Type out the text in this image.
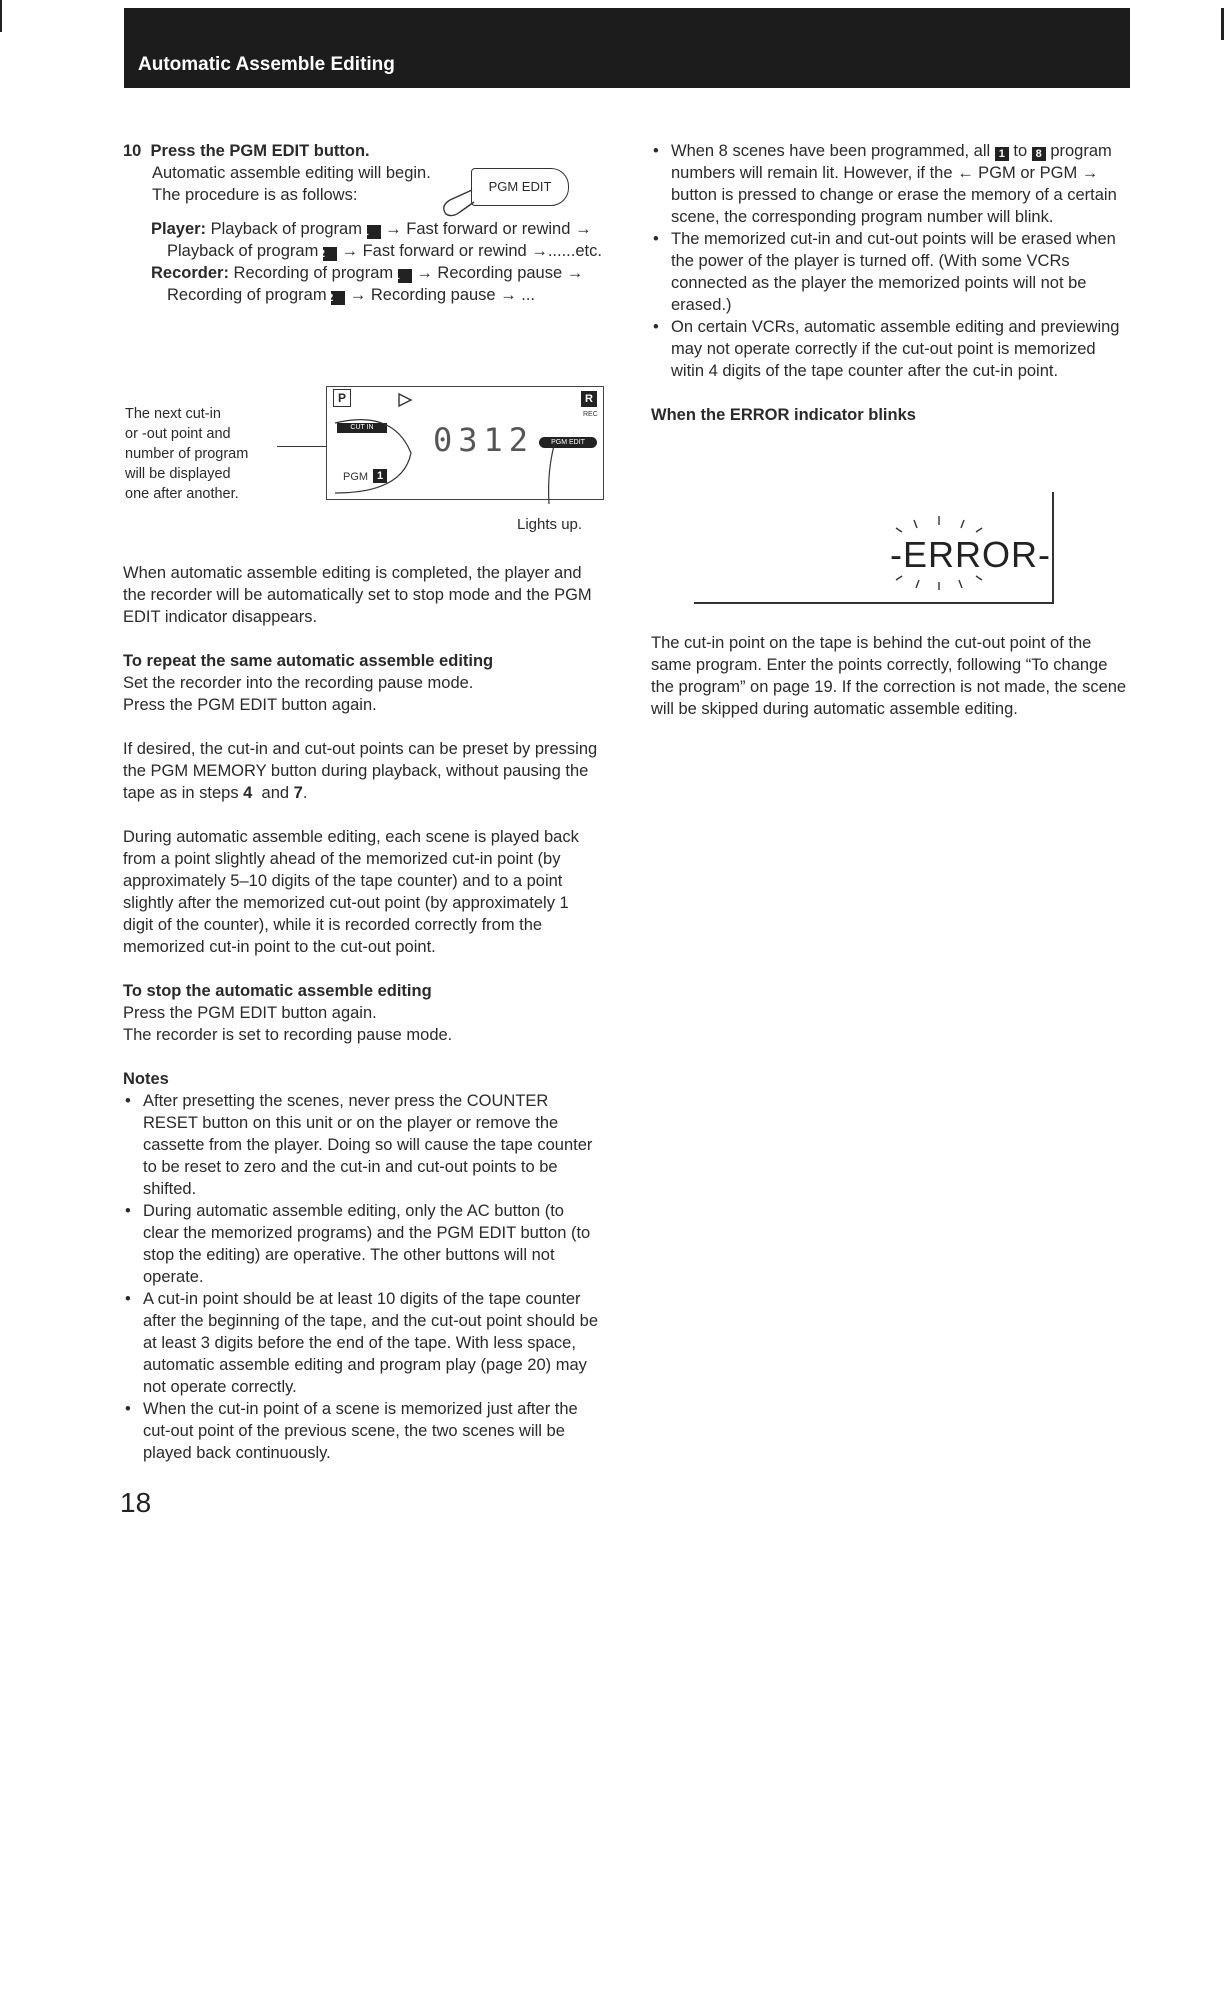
Automatic Assemble Editing

10 Press the PGM EDIT button.

Automatic assemble editing will begin.

The procedure is as follows:

Player: Playback of program 1 → Fast forward or rewind → Playback of program 2 → Fast forward or rewind →......etc.

Recorder: Recording of program 1 → Recording pause → Recording of program 2 → Recording pause → ...

PGM EDIT
The next cut-in
or -out point and
number of program
will be displayed
one after another.
P	R
REC
CUT IN
PGM 1
0312	PGM EDIT
Lights up.

When automatic assemble editing is completed, the player and the recorder will be automatically set to stop mode and the PGM EDIT indicator disappears.

To repeat the same automatic assemble editing

Set the recorder into the recording pause mode.

Press the PGM EDIT button again.

If desired, the cut-in and cut-out points can be preset by pressing the PGM MEMORY button during playback, without pausing the tape as in steps 4 and 7.

During automatic assemble editing, each scene is played back from a point slightly ahead of the memorized cut-in point (by approximately 5–10 digits of the tape counter) and to a point slightly after the memorized cut-out point (by approximately 1 digit of the counter), while it is recorded correctly from the memorized cut-in point to the cut-out point.

To stop the automatic assemble editing

Press the PGM EDIT button again.

The recorder is set to recording pause mode.

Notes

• After presetting the scenes, never press the COUNTER RESET button on this unit or on the player or remove the cassette from the player. Doing so will cause the tape counter to be reset to zero and the cut-in and cut-out points to be shifted.
• During automatic assemble editing, only the AC button (to clear the memorized programs) and the PGM EDIT button (to stop the editing) are operative. The other buttons will not operate.
• A cut-in point should be at least 10 digits of the tape counter after the beginning of the tape, and the cut-out point should be at least 3 digits before the end of the tape. With less space, automatic assemble editing and program play (page 20) may not operate correctly.
• When the cut-in point of a scene is memorized just after the cut-out point of the previous scene, the two scenes will be played back continuously.
• When 8 scenes have been programmed, all 1 to 8 program numbers will remain lit. However, if the ← PGM or PGM → button is pressed to change or erase the memory of a certain scene, the corresponding program number will blink.
• The memorized cut-in and cut-out points will be erased when the power of the player is turned off. (With some VCRs connected as the player the memorized points will not be erased.)
• On certain VCRs, automatic assemble editing and previewing may not operate correctly if the cut-out point is memorized witin 4 digits of the tape counter after the cut-in point.

When the ERROR indicator blinks

-ERROR-

The cut-in point on the tape is behind the cut-out point of the same program. Enter the points correctly, following “To change the program” on page 19. If the correction is not made, the scene will be skipped during automatic assemble editing.

18
